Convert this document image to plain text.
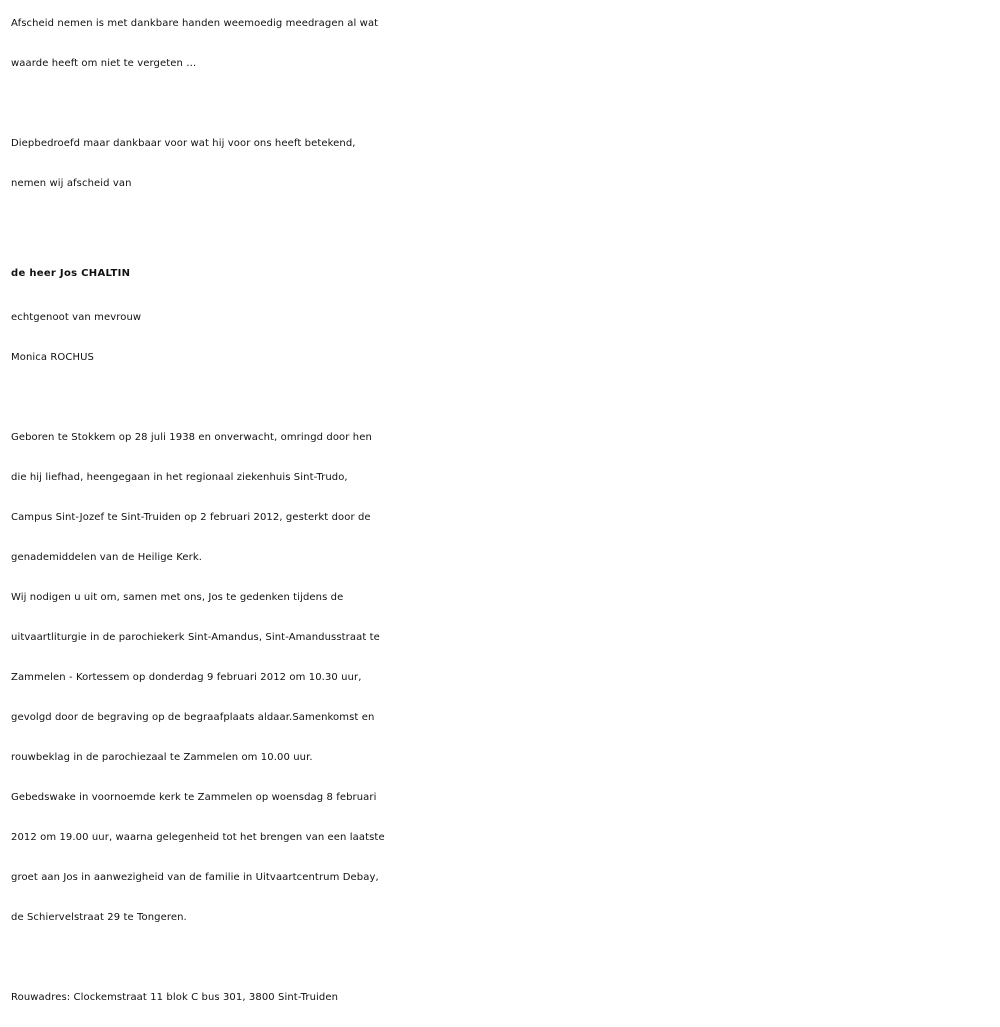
Afscheid nemen is met dankbare handen weemoedig meedragen al wat
waarde heeft om niet te vergeten …
Diepbedroefd maar dankbaar voor wat hij voor ons heeft betekend,
nemen wij afscheid van
de heer Jos CHALTIN
echtgenoot van mevrouw
Monica ROCHUS
Geboren te Stokkem op 28 juli 1938 en onverwacht, omringd door hen
die hij liefhad, heengegaan in het regionaal ziekenhuis Sint-Trudo,
Campus Sint-Jozef te Sint-Truiden op 2 februari 2012, gesterkt door de
genademiddelen van de Heilige Kerk.
Wij nodigen u uit om, samen met ons, Jos te gedenken tijdens de
uitvaartliturgie in de parochiekerk Sint-Amandus, Sint-Amandusstraat te
Zammelen - Kortessem op donderdag 9 februari 2012 om 10.30 uur,
gevolgd door de begraving op de begraafplaats aldaar.Samenkomst en
rouwbeklag in de parochiezaal te Zammelen om 10.00 uur.
Gebedswake in voornoemde kerk te Zammelen op woensdag 8 februari
2012 om 19.00 uur, waarna gelegenheid tot het brengen van een laatste
groet aan Jos in aanwezigheid van de familie in Uitvaartcentrum Debay,
de Schiervelstraat 29 te Tongeren.
Rouwadres: Clockemstraat 11 blok C bus 301, 3800 Sint-Truiden
